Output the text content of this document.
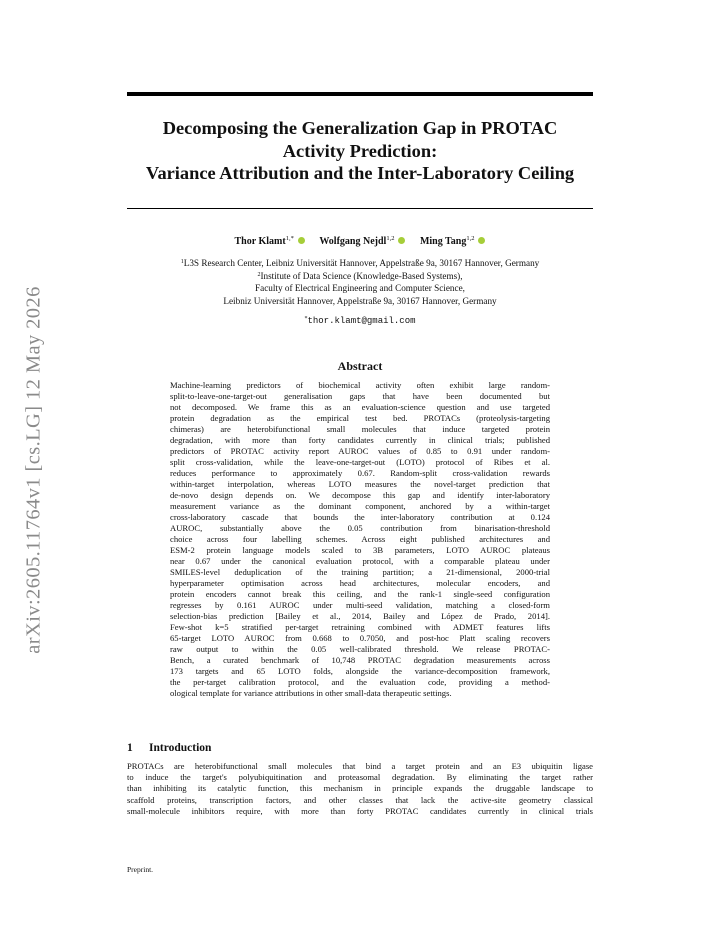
arXiv:2605.11764v1 [cs.LG] 12 May 2026
Decomposing the Generalization Gap in PROTAC
Activity Prediction:
Variance Attribution and the Inter-Laboratory Ceiling
Thor Klamt$^{1,*}$	Wolfgang Nejdl$^{1,2}$	Ming Tang$^{1,2}$
$^1$L3S Research Center, Leibniz Universität Hannover, Appelstraße 9a, 30167 Hannover, Germany
$^2$Institute of Data Science (Knowledge-Based Systems),
Faculty of Electrical Engineering and Computer Science,
Leibniz Universität Hannover, Appelstraße 9a, 30167 Hannover, Germany
*thor.klamt@gmail.com
Abstract
Machine-learning predictors of biochemical activity often exhibit large random-
split-to-leave-one-target-out generalisation gaps that have been documented but
not decomposed. We frame this as an evaluation-science question and use targeted
protein degradation as the empirical test bed. PROTACs (proteolysis-targeting
chimeras) are heterobifunctional small molecules that induce targeted protein
degradation, with more than forty candidates currently in clinical trials; published
predictors of PROTAC activity report AUROC values of 0.85 to 0.91 under random-
split cross-validation, while the leave-one-target-out (LOTO) protocol of Ribes et al.
reduces performance to approximately 0.67. Random-split cross-validation rewards
within-target interpolation, whereas LOTO measures the novel-target prediction that
de-novo design depends on. We decompose this gap and identify inter-laboratory
measurement variance as the dominant component, anchored by a within-target
cross-laboratory cascade that bounds the inter-laboratory contribution at 0.124
AUROC, substantially above the 0.05 contribution from binarisation-threshold
choice across four labelling schemes. Across eight published architectures and
ESM-2 protein language models scaled to 3B parameters, LOTO AUROC plateaus
near 0.67 under the canonical evaluation protocol, with a comparable plateau under
SMILES-level deduplication of the training partition; a 21-dimensional, 2000-trial
hyperparameter optimisation across head architectures, molecular encoders, and
protein encoders cannot break this ceiling, and the rank-1 single-seed configuration
regresses by 0.161 AUROC under multi-seed validation, matching a closed-form
selection-bias prediction [Bailey et al., 2014, Bailey and López de Prado, 2014].
Few-shot k=5 stratified per-target retraining combined with ADMET features lifts
65-target LOTO AUROC from 0.668 to 0.7050, and post-hoc Platt scaling recovers
raw output to within the 0.05 well-calibrated threshold. We release PROTAC-
Bench, a curated benchmark of 10,748 PROTAC degradation measurements across
173 targets and 65 LOTO folds, alongside the variance-decomposition framework,
the per-target calibration protocol, and the evaluation code, providing a method-
ological template for variance attributions in other small-data therapeutic settings.
1 Introduction
PROTACs are heterobifunctional small molecules that bind a target protein and an E3 ubiquitin ligase
to induce the target's polyubiquitination and proteasomal degradation. By eliminating the target rather
than inhibiting its catalytic function, this mechanism in principle expands the druggable landscape to
scaffold proteins, transcription factors, and other classes that lack the active-site geometry classical
small-molecule inhibitors require, with more than forty PROTAC candidates currently in clinical trials
Preprint.
